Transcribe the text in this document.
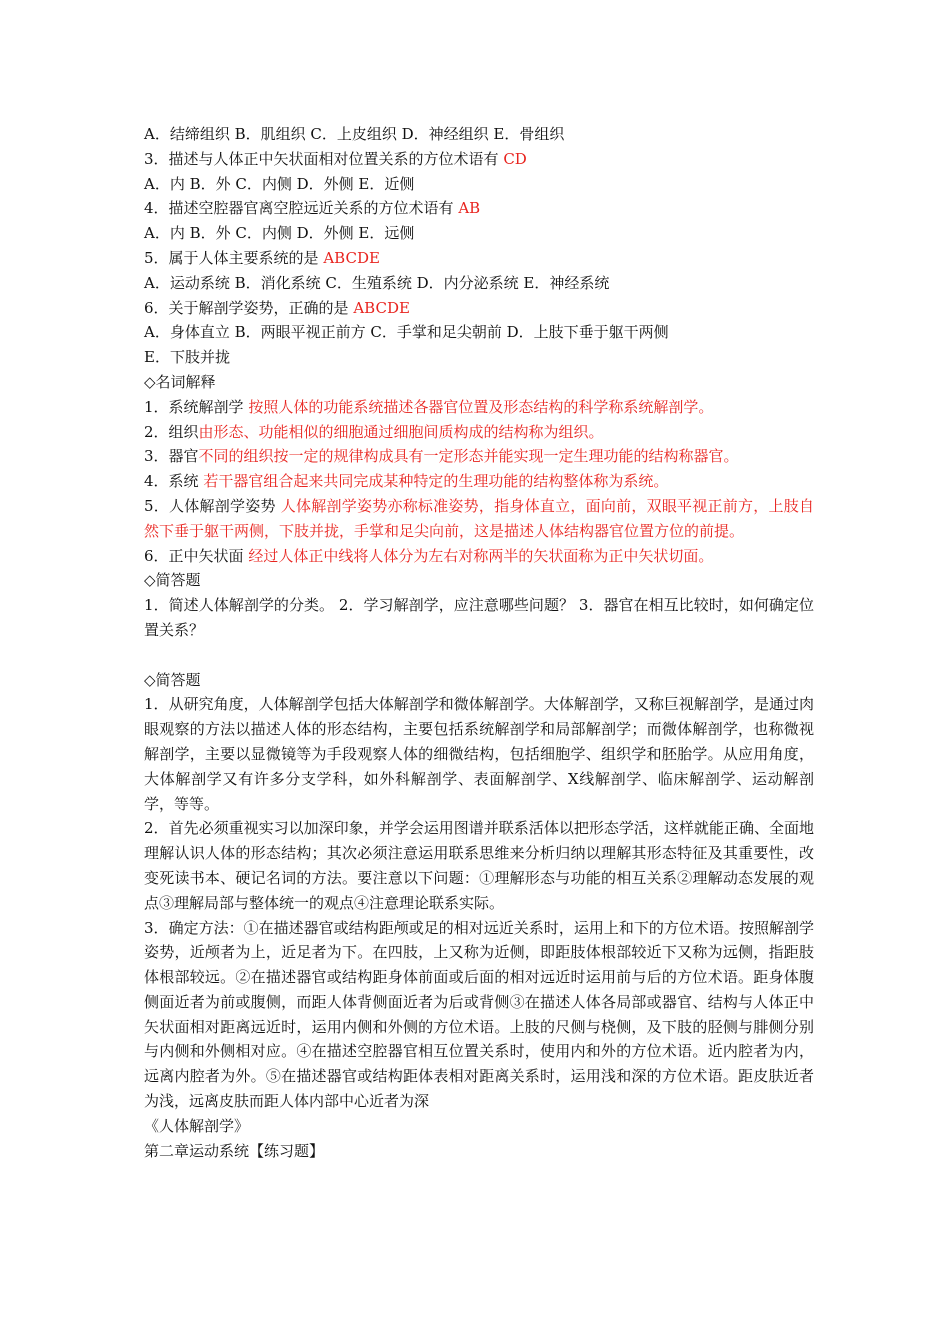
A．结缔组织 B．肌组织 C．上皮组织 D．神经组织 E．骨组织
3．描述与人体正中矢状面相对位置关系的方位术语有 CD
A．内 B．外 C．内侧 D．外侧 E．近侧
4．描述空腔器官离空腔远近关系的方位术语有 AB
A．内 B．外 C．内侧 D．外侧 E．远侧
5．属于人体主要系统的是 ABCDE
A．运动系统 B．消化系统 C．生殖系统 D．内分泌系统 E．神经系统
6．关于解剖学姿势，正确的是 ABCDE
A．身体直立 B．两眼平视正前方 C．手掌和足尖朝前 D．上肢下垂于躯干两侧
E．下肢并拢
◇名词解释
1．系统解剖学 按照人体的功能系统描述各器官位置及形态结构的科学称系统解剖学。
2．组织由形态、功能相似的细胞通过细胞间质构成的结构称为组织。
3．器官不同的组织按一定的规律构成具有一定形态并能实现一定生理功能的结构称器官。
4．系统 若干器官组合起来共同完成某种特定的生理功能的结构整体称为系统。
5．人体解剖学姿势 人体解剖学姿势亦称标准姿势，指身体直立，面向前，双眼平视正前方，上肢自然下垂于躯干两侧，下肢并拢，手掌和足尖向前，这是描述人体结构器官位置方位的前提。
6．正中矢状面 经过人体正中线将人体分为左右对称两半的矢状面称为正中矢状切面。
◇简答题
1．简述人体解剖学的分类。 2．学习解剖学，应注意哪些问题？ 3．器官在相互比较时，如何确定位置关系？
◇简答题
1．从研究角度，人体解剖学包括大体解剖学和微体解剖学。大体解剖学，又称巨视解剖学，是通过肉眼观察的方法以描述人体的形态结构，主要包括系统解剖学和局部解剖学；而微体解剖学，也称微视解剖学，主要以显微镜等为手段观察人体的细微结构，包括细胞学、组织学和胚胎学。从应用角度，大体解剖学又有许多分支学科，如外科解剖学、表面解剖学、X线解剖学、临床解剖学、运动解剖学，等等。
2．首先必须重视实习以加深印象，并学会运用图谱并联系活体以把形态学活，这样就能正确、全面地理解认识人体的形态结构；其次必须注意运用联系思维来分析归纳以理解其形态特征及其重要性，改变死读书本、硬记名词的方法。要注意以下问题：①理解形态与功能的相互关系②理解动态发展的观点③理解局部与整体统一的观点④注意理论联系实际。
3．确定方法：①在描述器官或结构距颅或足的相对远近关系时，运用上和下的方位术语。按照解剖学姿势，近颅者为上，近足者为下。在四肢，上又称为近侧，即距肢体根部较近下又称为远侧，指距肢体根部较远。②在描述器官或结构距身体前面或后面的相对远近时运用前与后的方位术语。距身体腹侧面近者为前或腹侧，而距人体背侧面近者为后或背侧③在描述人体各局部或器官、结构与人体正中矢状面相对距离远近时，运用内侧和外侧的方位术语。上肢的尺侧与桡侧，及下肢的胫侧与腓侧分别与内侧和外侧相对应。④在描述空腔器官相互位置关系时，使用内和外的方位术语。近内腔者为内，远离内腔者为外。⑤在描述器官或结构距体表相对距离关系时，运用浅和深的方位术语。距皮肤近者为浅，远离皮肤而距人体内部中心近者为深
《人体解剖学》
第二章运动系统【练习题】
